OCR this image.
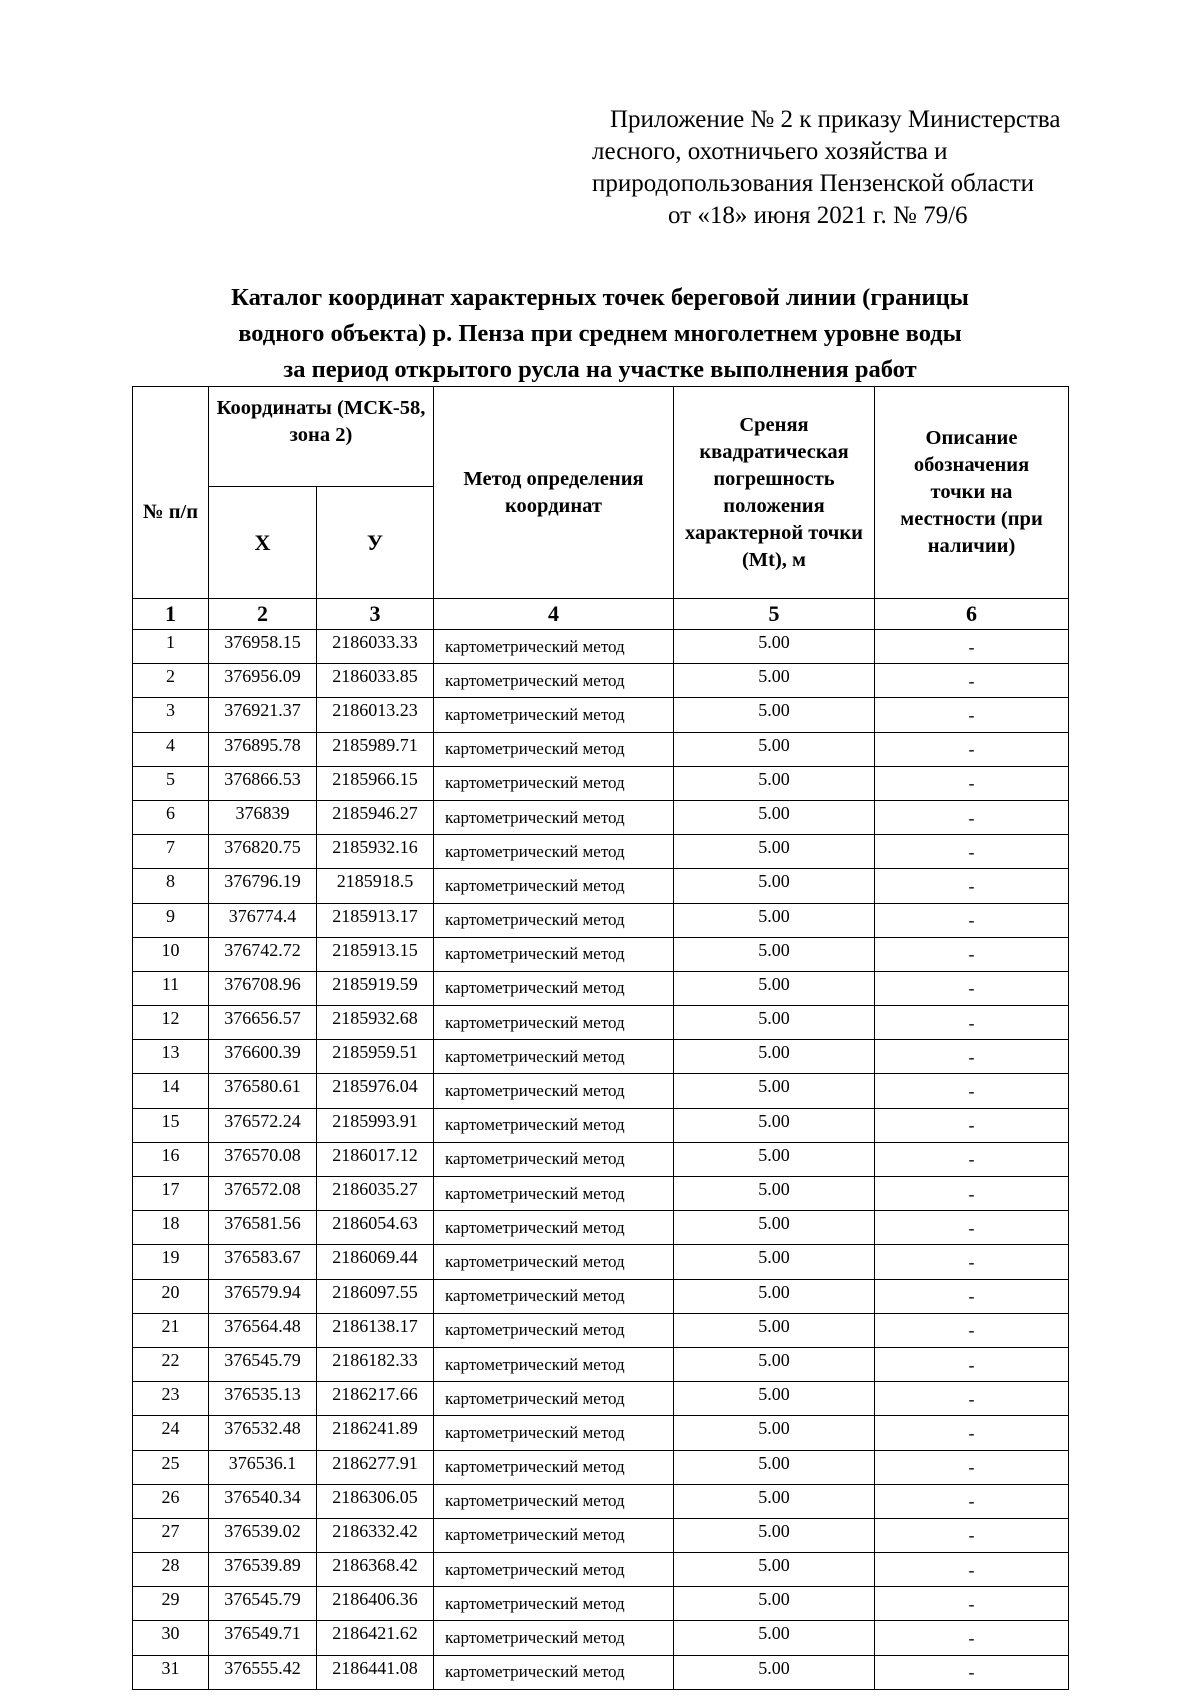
Приложение № 2 к приказу Министерства
лесного, охотничьего хозяйства и
природопользования Пензенской области
от «18» июня 2021 г. № 79/6
Каталог координат характерных точек береговой линии (границы
водного объекта) р. Пенза при среднем многолетнем уровне воды
за период открытого русла на участке выполнения работ
№ п/п	Координаты (МСК-58, зона 2)		Метод определения координат	Среняя квадратическая погрешность положения характерной точки (Mt), м	Описание обозначения точки на местности (при наличии)
	Х	У			
1	2	3	4	5	6
1	376958.15	2186033.33	картометрический метод	5.00	-
2	376956.09	2186033.85	картометрический метод	5.00	-
3	376921.37	2186013.23	картометрический метод	5.00	-
4	376895.78	2185989.71	картометрический метод	5.00	-
5	376866.53	2185966.15	картометрический метод	5.00	-
6	376839	2185946.27	картометрический метод	5.00	-
7	376820.75	2185932.16	картометрический метод	5.00	-
8	376796.19	2185918.5	картометрический метод	5.00	-
9	376774.4	2185913.17	картометрический метод	5.00	-
10	376742.72	2185913.15	картометрический метод	5.00	-
11	376708.96	2185919.59	картометрический метод	5.00	-
12	376656.57	2185932.68	картометрический метод	5.00	-
13	376600.39	2185959.51	картометрический метод	5.00	-
14	376580.61	2185976.04	картометрический метод	5.00	-
15	376572.24	2185993.91	картометрический метод	5.00	-
16	376570.08	2186017.12	картометрический метод	5.00	-
17	376572.08	2186035.27	картометрический метод	5.00	-
18	376581.56	2186054.63	картометрический метод	5.00	-
19	376583.67	2186069.44	картометрический метод	5.00	-
20	376579.94	2186097.55	картометрический метод	5.00	-
21	376564.48	2186138.17	картометрический метод	5.00	-
22	376545.79	2186182.33	картометрический метод	5.00	-
23	376535.13	2186217.66	картометрический метод	5.00	-
24	376532.48	2186241.89	картометрический метод	5.00	-
25	376536.1	2186277.91	картометрический метод	5.00	-
26	376540.34	2186306.05	картометрический метод	5.00	-
27	376539.02	2186332.42	картометрический метод	5.00	-
28	376539.89	2186368.42	картометрический метод	5.00	-
29	376545.79	2186406.36	картометрический метод	5.00	-
30	376549.71	2186421.62	картометрический метод	5.00	-
31	376555.42	2186441.08	картометрический метод	5.00	-
